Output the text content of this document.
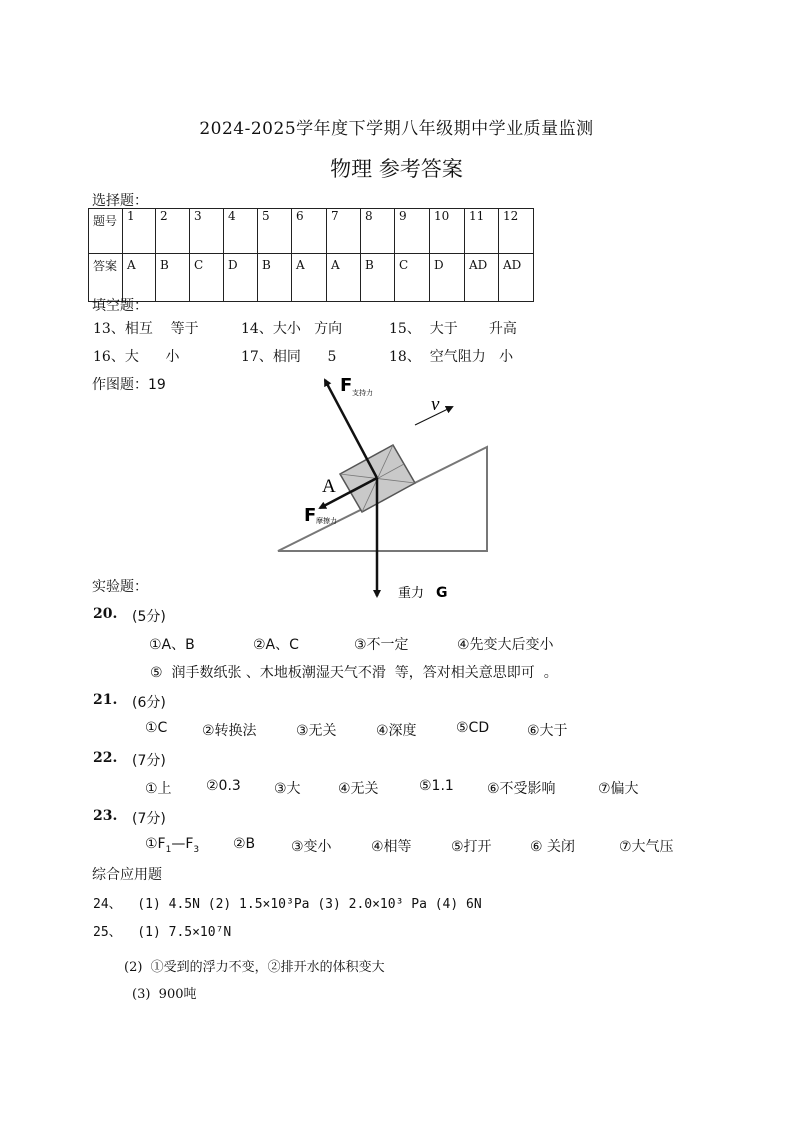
2024-2025学年度下学期八年级期中学业质量监测
物理 参考答案
选择题：
题号	1	2	3	4	5	6	7	8	9	10	11	12
答案	A	B	C	D	B	A	A	B	C	D	AD	AD
填空题：
13、相互    等于	14、大小   方向	15、  大于       升高
16、大      小	17、相同      5	18、  空气阻力   小
作图题：19	F 支持力
F 摩擦力
A
v
重力 G
实验题：
20. (5分)
①A、B	②A、C	③不一定	④先变大后变小
⑤  润手数纸张 、木地板潮湿天气不滑  等，答对相关意思即可  。
21. (6分)
①C ②转换法	③无关	④深度	⑤CD	⑥大于
22. (7分)
①上 ②0.3 ③大	④无关	⑤1.1 ⑥不受影响	⑦偏大
23. (7分)
$①F_1—F_3$ ②B	③变小	④相等	⑤打开	⑥ 关闭	⑦大气压
综合应用题
24、  (1) 4.5N (2) 1.5×10³Pa (3) 2.0×10³ Pa (4) 6N
25、  (1) 7.5×10⁷N
(2)  ①受到的浮力不变，②排开水的体积变大
(3)  900吨
